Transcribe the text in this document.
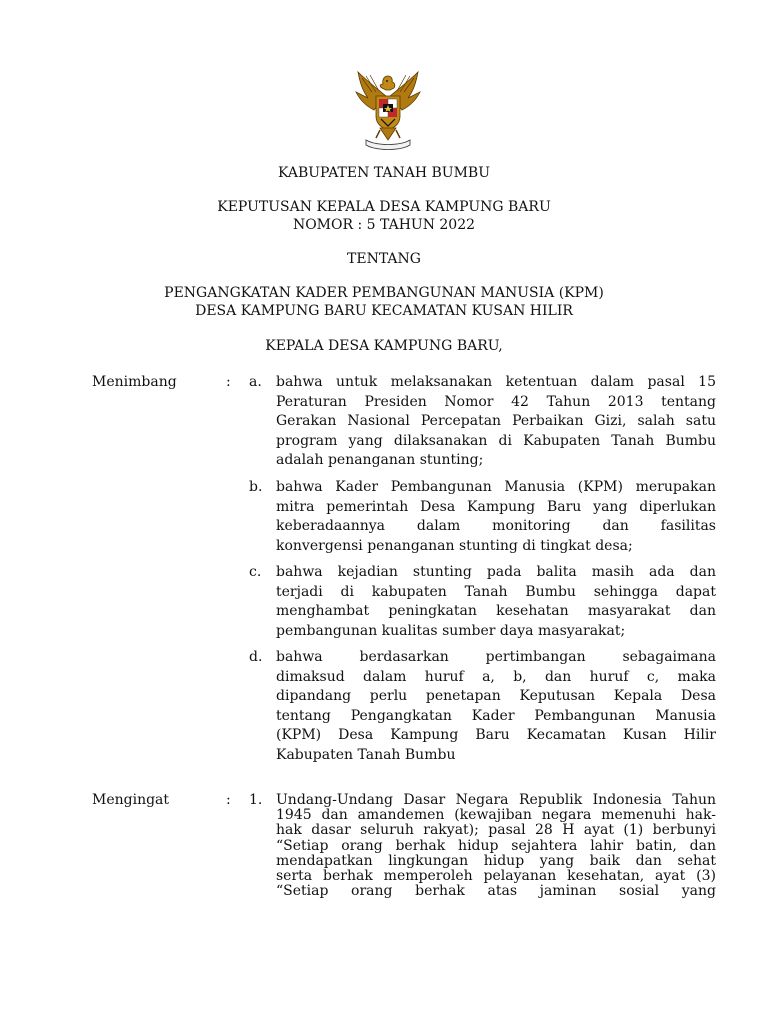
KABUPATEN TANAH BUMBU
KEPUTUSAN KEPALA DESA KAMPUNG BARU
NOMOR : 5 TAHUN 2022
TENTANG
PENGANGKATAN KADER PEMBANGUNAN MANUSIA (KPM)
DESA KAMPUNG BARU KECAMATAN KUSAN HILIR
KEPALA DESA KAMPUNG BARU,
Menimbang	: a. bahwa untuk melaksanakan ketentuan dalam pasal 15
Peraturan Presiden Nomor 42 Tahun 2013 tentang
Gerakan Nasional Percepatan Perbaikan Gizi, salah satu
program yang dilaksanakan di Kabupaten Tanah Bumbu
adalah penanganan stunting;
b. bahwa Kader Pembangunan Manusia (KPM) merupakan
mitra pemerintah Desa Kampung Baru yang diperlukan
keberadaannya dalam monitoring dan fasilitas
konvergensi penanganan stunting di tingkat desa;
c. bahwa kejadian stunting pada balita masih ada dan
terjadi di kabupaten Tanah Bumbu sehingga dapat
menghambat peningkatan kesehatan masyarakat dan
pembangunan kualitas sumber daya masyarakat;
d. bahwa berdasarkan pertimbangan sebagaimana
dimaksud dalam huruf a, b, dan huruf c, maka
dipandang perlu penetapan Keputusan Kepala Desa
tentang Pengangkatan Kader Pembangunan Manusia
(KPM) Desa Kampung Baru Kecamatan Kusan Hilir
Kabupaten Tanah Bumbu
Mengingat	: 1. Undang-Undang Dasar Negara Republik Indonesia Tahun
1945 dan amandemen (kewajiban negara memenuhi hak-
hak dasar seluruh rakyat); pasal 28 H ayat (1) berbunyi
“Setiap orang berhak hidup sejahtera lahir batin, dan
mendapatkan lingkungan hidup yang baik dan sehat
serta berhak memperoleh pelayanan kesehatan, ayat (3)
“Setiap orang berhak atas jaminan sosial yang
